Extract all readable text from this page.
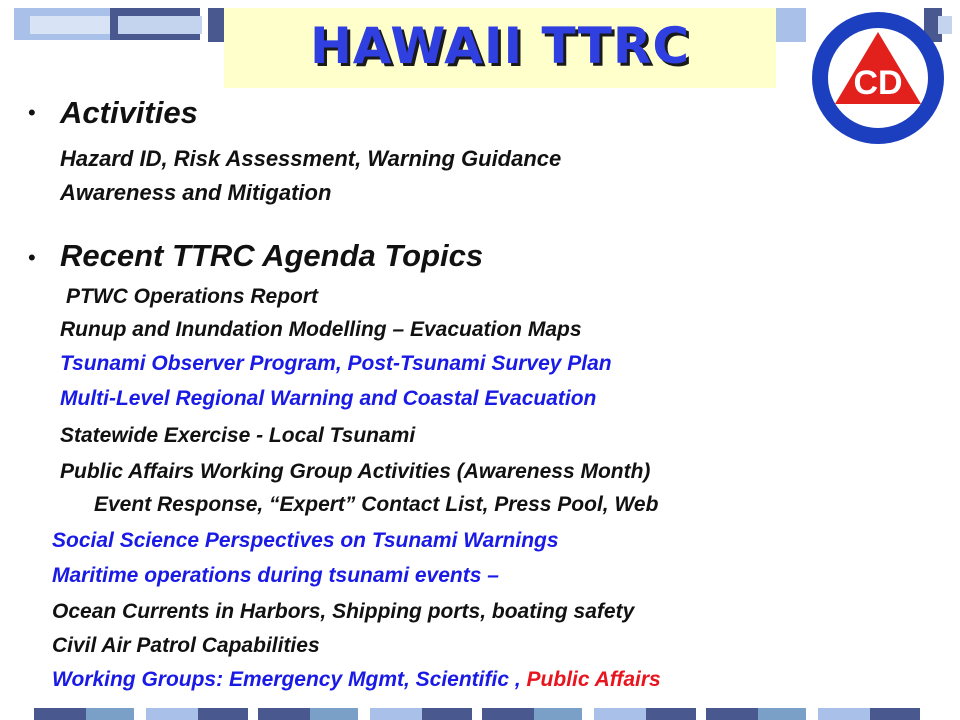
HAWAII TTRC
CD
• Activities
Hazard ID, Risk Assessment, Warning Guidance
Awareness and Mitigation
• Recent TTRC Agenda Topics
PTWC Operations Report
Runup and Inundation Modelling – Evacuation Maps
Tsunami Observer Program, Post-Tsunami Survey Plan
Multi-Level Regional Warning and Coastal Evacuation
Statewide Exercise - Local Tsunami
Public Affairs Working Group Activities (Awareness Month)
Event Response, “Expert” Contact List, Press Pool, Web
Social Science Perspectives on Tsunami Warnings
Maritime operations during tsunami events –
Ocean Currents in Harbors, Shipping ports, boating safety
Civil Air Patrol Capabilities
Working Groups: Emergency Mgmt, Scientific , Public Affairs
